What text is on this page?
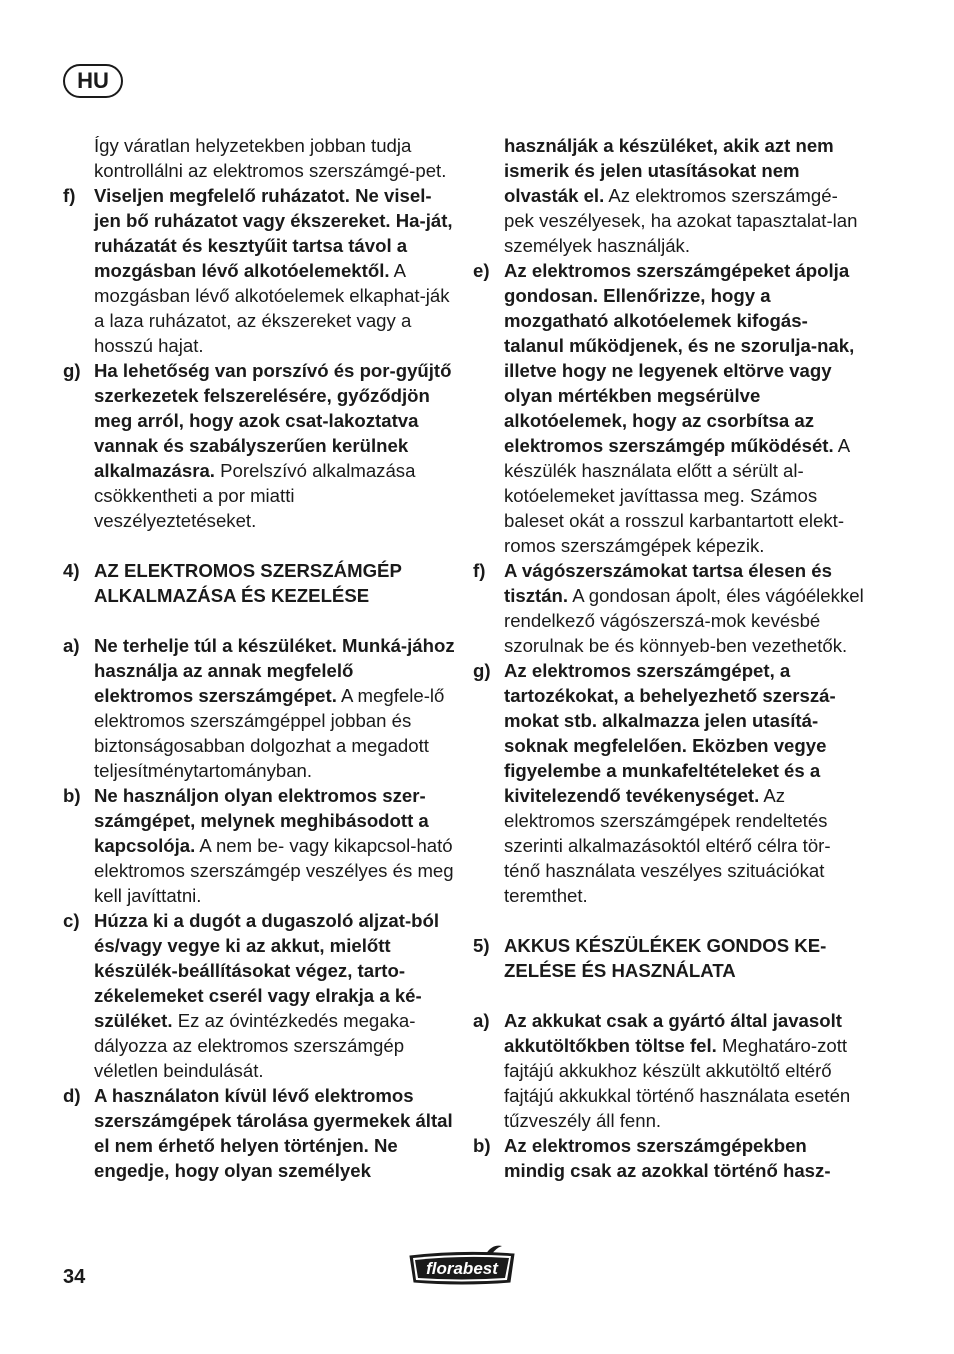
HU
Így váratlan helyzetekben jobban tudja kontrollálni az elektromos szerszámgé-pet.
f)	Viseljen megfelelő ruházatot. Ne visel-jen bő ruházatot vagy ékszereket. Ha-ját, ruházatát és kesztyűit tartsa távol a mozgásban lévő alkotóelemektől. A mozgásban lévő alkotóelemek elkaphat-ják a laza ruházatot, az ékszereket vagy a hosszú hajat.
g) Ha lehetőség van porszívó és por-gyűjtő szerkezetek felszerelésére, győződjön meg arról, hogy azok csat-lakoztatva vannak és szabályszerűen kerülnek alkalmazásra. Porelszívó alkalmazása csökkentheti a por miatti veszélyeztetéseket.
4) AZ ELEKTROMOS SZERSZÁMGÉP ALKALMAZÁSA ÉS KEZELÉSE
a) Ne terhelje túl a készüléket. Munká-jához használja az annak megfelelő elektromos szerszámgépet. A megfele-lő elektromos szerszámgéppel jobban és biztonságosabban dolgozhat a megadott teljesítménytartományban.
b) Ne használjon olyan elektromos szer-számgépet, melynek meghibásodott a kapcsolója. A nem be- vagy kikapcsol-ható elektromos szerszámgép veszélyes és meg kell javíttatni.
c) Húzza ki a dugót a dugaszoló aljzat-ból és/vagy vegye ki az akkut, mielőtt készülék-beállításokat végez, tarto-zékelemeket cserél vagy elrakja a ké-szüléket. Ez az óvintézkedés megaka-dályozza az elektromos szerszámgép véletlen beindulását.
d) A használaton kívül lévő elektromos szerszámgépek tárolása gyermekek által el nem érhető helyen történjen. Ne engedje, hogy olyan személyek
használják a készüléket, akik azt nem ismerik és jelen utasításokat nem olvasták el. Az elektromos szerszámgé-pek veszélyesek, ha azokat tapasztalat-lan személyek használják.
e) Az elektromos szerszámgépeket ápolja gondosan. Ellenőrizze, hogy a mozgatható alkotóelemek kifogás-talanul működjenek, és ne szorulja-nak, illetve hogy ne legyenek eltörve vagy olyan mértékben megsérülve alkotóelemek, hogy az csorbítsa az elektromos szerszámgép működését. A készülék használata előtt a sérült al-kotóelemeket javíttassa meg. Számos baleset okát a rosszul karbantartott elekt-romos szerszámgépek képezik.
f)	A vágószerszámokat tartsa élesen és tisztán. A gondosan ápolt, éles vágóélekkel rendelkező vágószerszá-mok kevésbé szorulnak be és könnyeb-ben vezethetők.
g) Az elektromos szerszámgépet, a tartozékokat, a behelyezhető szerszá-mokat stb. alkalmazza jelen utasítá-soknak megfelelően. Eközben vegye figyelembe a munkafeltételeket és a kivitelezendő tevékenységet. Az elektromos szerszámgépek rendeltetés szerinti alkalmazásoktól eltérő célra tör-ténő használata veszélyes szituációkat teremthet.
5) AKKUS KÉSZÜLÉKEK GONDOS KE-ZELÉSE ÉS HASZNÁLATA
a) Az akkukat csak a gyártó által javasolt akkutöltőkben töltse fel. Meghatáro-zott fajtájú akkukhoz készült akkutöltő eltérő fajtájú akkukkal történő használata esetén tűzveszély áll fenn.
b) Az elektromos szerszámgépekben mindig csak az azokkal történő hasz-
34	florabest
